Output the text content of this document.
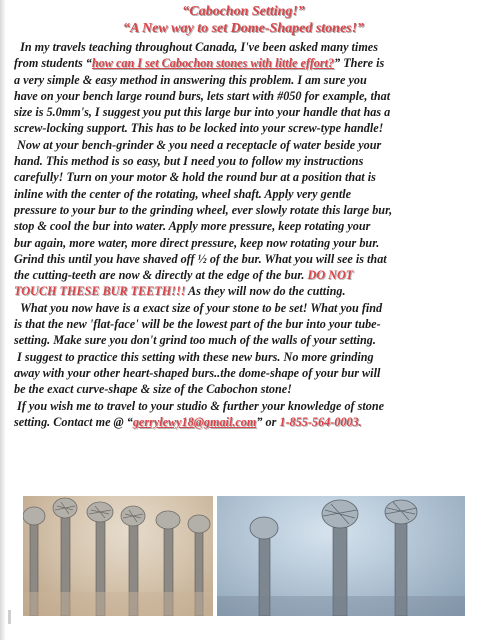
“Cabochon Setting!”
“A New way to set Dome-Shaped stones!”
In my travels teaching throughout Canada, I've been asked many times
from students “how can I set Cabochon stones with little effort?” There is
a very simple & easy method in answering this problem. I am sure you
have on your bench large round burs, lets start with #050 for example, that
size is 5.0mm's, I suggest you put this large bur into your handle that has a
screw-locking support. This has to be locked into your screw-type handle!
Now at your bench-grinder & you need a receptacle of water beside your
hand. This method is so easy, but I need you to follow my instructions
carefully! Turn on your motor & hold the round bur at a position that is
inline with the center of the rotating, wheel shaft. Apply very gentle
pressure to your bur to the grinding wheel, ever slowly rotate this large bur,
stop & cool the bur into water. Apply more pressure, keep rotating your
bur again, more water, more direct pressure, keep now rotating your bur.
Grind this until you have shaved off ½ of the bur. What you will see is that
the cutting-teeth are now & directly at the edge of the bur. DO NOT
TOUCH THESE BUR TEETH!!! As they will now do the cutting.
What you now have is a exact size of your stone to be set! What you find
is that the new 'flat-face' will be the lowest part of the bur into your tube-
setting. Make sure you don't grind too much of the walls of your setting.
I suggest to practice this setting with these new burs. No more grinding
away with your other heart-shaped burs..the dome-shape of your bur will
be the exact curve-shape & size of the Cabochon stone!
If you wish me to travel to your studio & further your knowledge of stone
setting. Contact me @ “gerrylewy18@gmail.com” or 1-855-564-0003.
